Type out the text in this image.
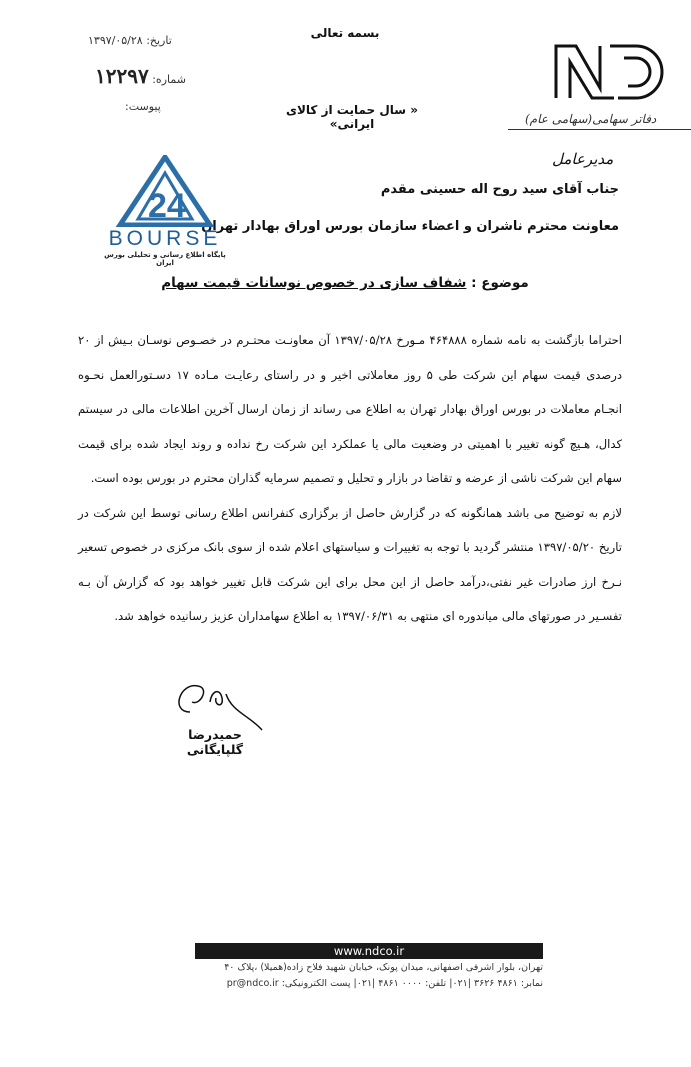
تاریخ: ۱۳۹۷/۰۵/۲۸
شماره: ۱۲۲۹۷
پیوست:
بسمه تعالی
« سال حمایت از کالای ایرانی»	دفاتر سهامی(سهامی عام)
مدیرعامل
جناب آقای سید روح اله حسینی مقدم
معاونت محترم ناشران و اعضاء سازمان بورس اوراق بهادار تهران
24
BOURSE
پایگاه اطلاع رسانی و تحلیلی بورس ایران
موضوع : شفاف سازی در خصوص نوسانات قیمت سهام

احتراما بازگشت به نامه شماره ۴۶۴۸۸۸ مـورخ ۱۳۹۷/۰۵/۲۸ آن معاونـت محتـرم در خصـوص نوسـان بـیش از ۲۰ درصدی قیمت سهام این شرکت طی ۵ روز معاملاتی اخیر و در راستای رعایـت مـاده ۱۷ دسـتورالعمل نحـوه انجـام معاملات در بورس اوراق بهادار تهران به اطلاع می رساند از زمان ارسال آخرین اطلاعات مالی در سیستم کدال، هـیچ گونه تغییر با اهمیتی در وضعیت مالی یا عملکرد این شرکت رخ نداده و روند ایجاد شده برای قیمت سهام این شرکت ناشی از عرضه و تقاضا در بازار و تحلیل و تصمیم سرمایه گذاران محترم در بورس بوده است.

لازم به توضیح می باشد همانگونه که در گزارش حاصل از برگزاری کنفرانس اطلاع رسانی توسط این شرکت در تاریخ ۱۳۹۷/۰۵/۲۰ منتشر گردید با توجه به تغییرات و سیاستهای اعلام شده از سوی بانک مرکزی در خصوص تسعیر نـرخ ارز صادرات غیر نفتی،درآمد حاصل از این محل برای این شرکت قابل تغییر خواهد بود که گزارش آن بـه تفسـیر در صورتهای مالی میاندوره ای منتهی به ۱۳۹۷/۰۶/۳۱ به اطلاع سهامداران عزیز رسانیده خواهد شد.

حمیدرضا گلپایگانی
www.ndco.ir
تهران، بلوار اشرفی اصفهانی، میدان پونک، خیابان شهید فلاح زاده(همیلا) ،پلاک ۴۰
نمابر: ۴۸۶۱ ۳۶۲۶ |۰۲۱| تلفن: ۰۰۰۰ ۴۸۶۱ |۰۲۱| پست الکترونیکی: pr@ndco.ir
